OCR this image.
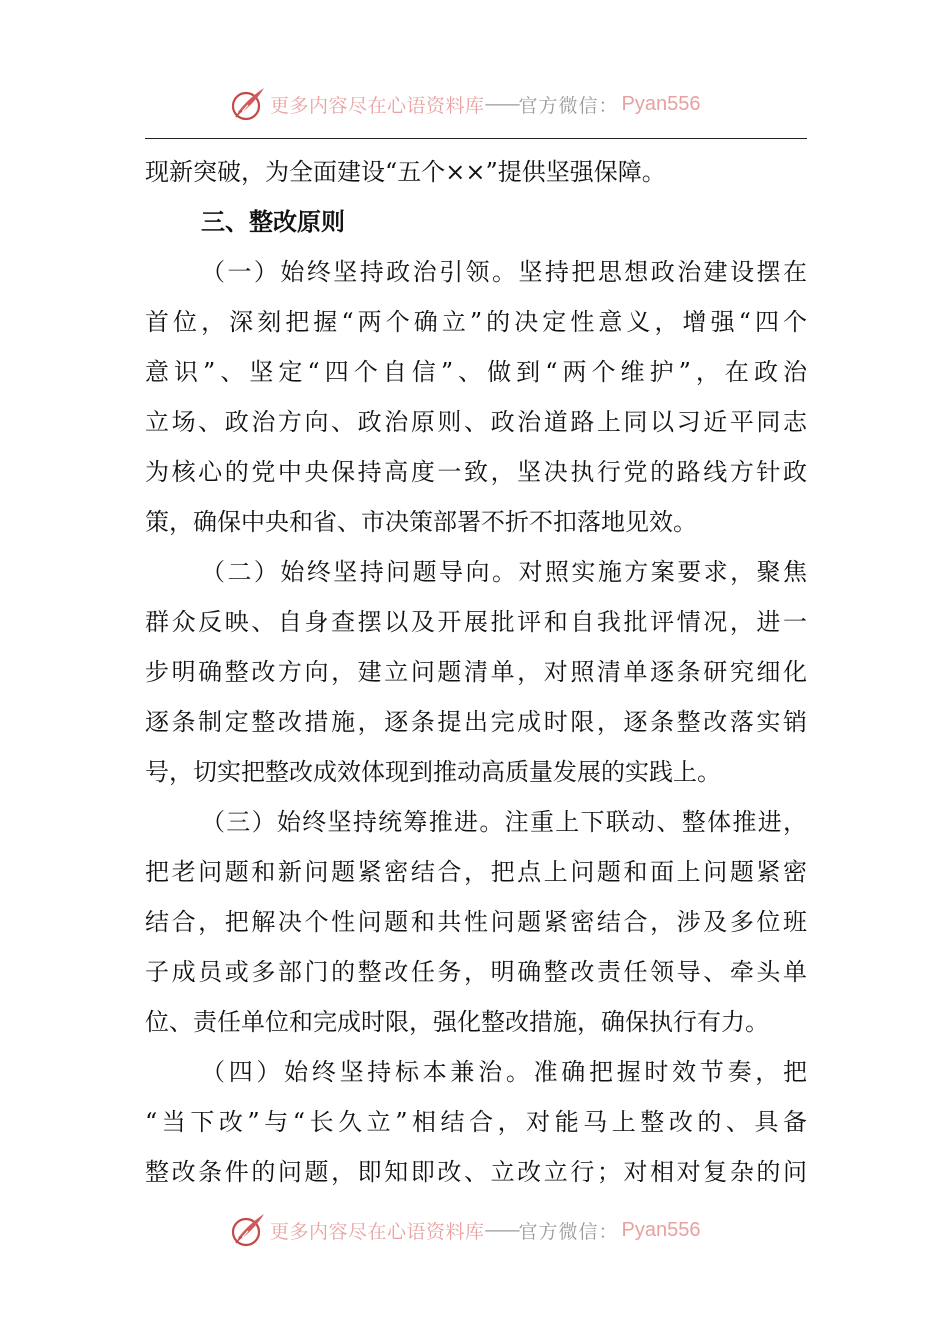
更多内容尽在心语资料库 —— 官方微信： Pyan556
现新突破，为全面建设“五个××”提供坚强保障。
三、整改原则
（一）始终坚持政治引领。坚持把思想政治建设摆在
首位，深刻把握“两个确立”的决定性意义，增强“四个
意识”、坚定“四个自信”、做到“两个维护”，在政治
立场、政治方向、政治原则、政治道路上同以习近平同志
为核心的党中央保持高度一致，坚决执行党的路线方针政
策，确保中央和省、市决策部署不折不扣落地见效。
（二）始终坚持问题导向。对照实施方案要求，聚焦
群众反映、自身查摆以及开展批评和自我批评情况，进一
步明确整改方向，建立问题清单，对照清单逐条研究细化
逐条制定整改措施，逐条提出完成时限，逐条整改落实销
号，切实把整改成效体现到推动高质量发展的实践上。
（三）始终坚持统筹推进。注重上下联动、整体推进，
把老问题和新问题紧密结合，把点上问题和面上问题紧密
结合，把解决个性问题和共性问题紧密结合，涉及多位班
子成员或多部门的整改任务，明确整改责任领导、牵头单
位、责任单位和完成时限，强化整改措施，确保执行有力。
（四）始终坚持标本兼治。准确把握时效节奏，把
“当下改”与“长久立”相结合，对能马上整改的、具备
整改条件的问题，即知即改、立改立行；对相对复杂的问
更多内容尽在心语资料库 —— 官方微信： Pyan556
